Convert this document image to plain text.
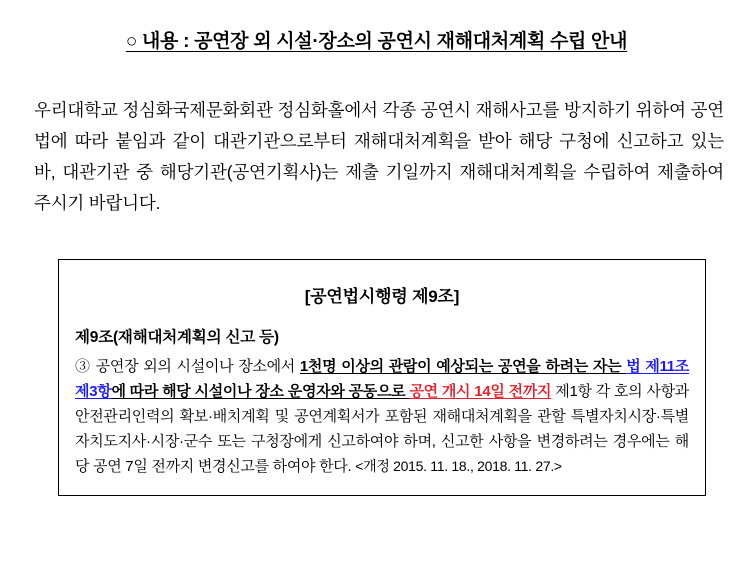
○ 내용 : 공연장 외 시설·장소의 공연시 재해대처계획 수립 안내
우리대학교 정심화국제문화회관 정심화홀에서 각종 공연시 재해사고를 방지하기 위하여 공연법에 따라 붙임과 같이 대관기관으로부터 재해대처계획을 받아 해당 구청에 신고하고 있는 바, 대관기관 중 해당기관(공연기획사)는 제출 기일까지 재해대처계획을 수립하여 제출하여 주시기 바랍니다.
[공연법시행령 제9조]
제9조(재해대처계획의 신고 등)
③ 공연장 외의 시설이나 장소에서 1천명 이상의 관람이 예상되는 공연을 하려는 자는 법 제11조 제3항에 따라 해당 시설이나 장소 운영자와 공동으로 공연 개시 14일 전까지 제1항 각 호의 사항과 안전관리인력의 확보·배치계획 및 공연계획서가 포함된 재해대처계획을 관할 특별자치시장·특별자치도지사·시장·군수 또는 구청장에게 신고하여야 하며, 신고한 사항을 변경하려는 경우에는 해당 공연 7일 전까지 변경신고를 하여야 한다. <개정 2015. 11. 18., 2018. 11. 27.>
